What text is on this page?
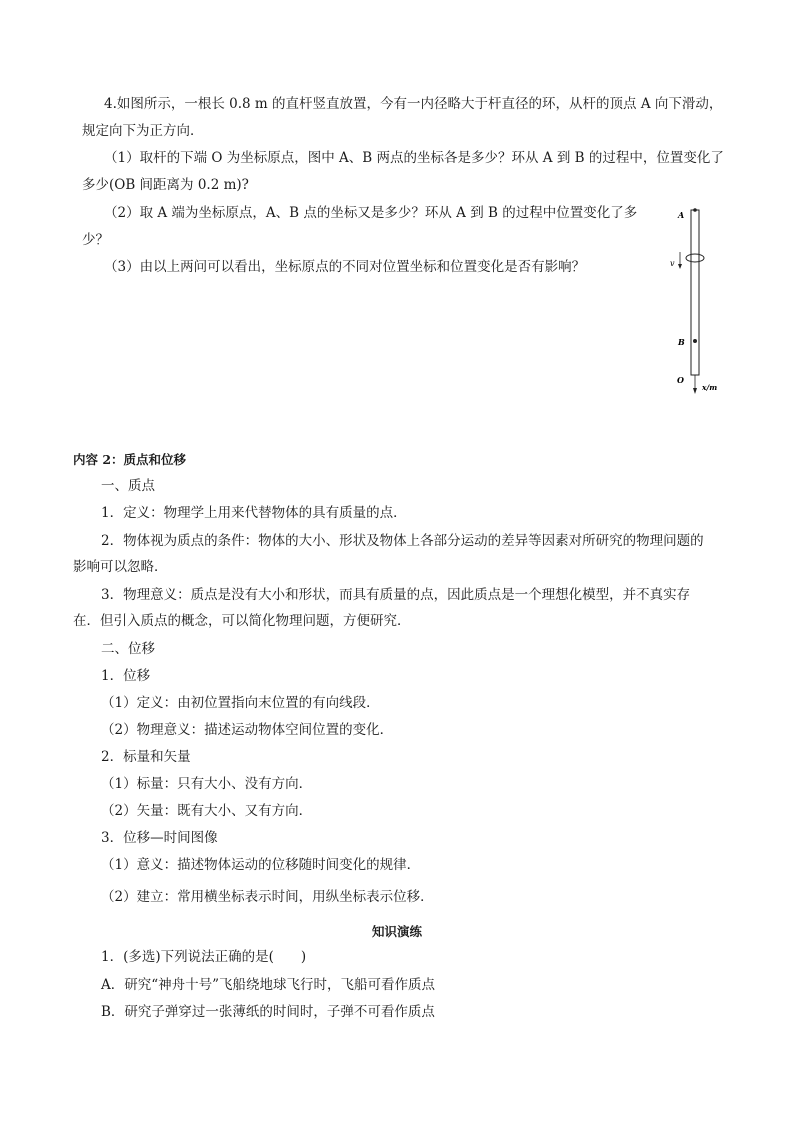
4.如图所示，一根长 0.8 m 的直杆竖直放置，今有一内径略大于杆直径的环，从杆的顶点 A 向下滑动，
规定向下为正方向．
（1）取杆的下端 O 为坐标原点，图中 A、B 两点的坐标各是多少？环从 A 到 B 的过程中，位置变化了
多少(OB 间距离为 0.2 m)?
（2）取 A 端为坐标原点，A、B 点的坐标又是多少？环从 A 到 B 的过程中位置变化了多
少？
（3）由以上两问可以看出，坐标原点的不同对位置坐标和位置变化是否有影响？
A
v
B
O
x/m
内容 2：质点和位移
一、质点
1．定义：物理学上用来代替物体的具有质量的点．
2．物体视为质点的条件：物体的大小、形状及物体上各部分运动的差异等因素对所研究的物理问题的
影响可以忽略．
3．物理意义：质点是没有大小和形状，而具有质量的点，因此质点是一个理想化模型，并不真实存
在．但引入质点的概念，可以简化物理问题，方便研究．
二、位移
1．位移
（1）定义：由初位置指向末位置的有向线段．
（2）物理意义：描述运动物体空间位置的变化．
2．标量和矢量
（1）标量：只有大小、没有方向．
（2）矢量：既有大小、又有方向．
3．位移—时间图像
（1）意义：描述物体运动的位移随时间变化的规律．
（2）建立：常用横坐标表示时间，用纵坐标表示位移．
知识演练
1．(多选)下列说法正确的是(　　)
A．研究“神舟十号”飞船绕地球飞行时，飞船可看作质点
B．研究子弹穿过一张薄纸的时间时，子弹不可看作质点
